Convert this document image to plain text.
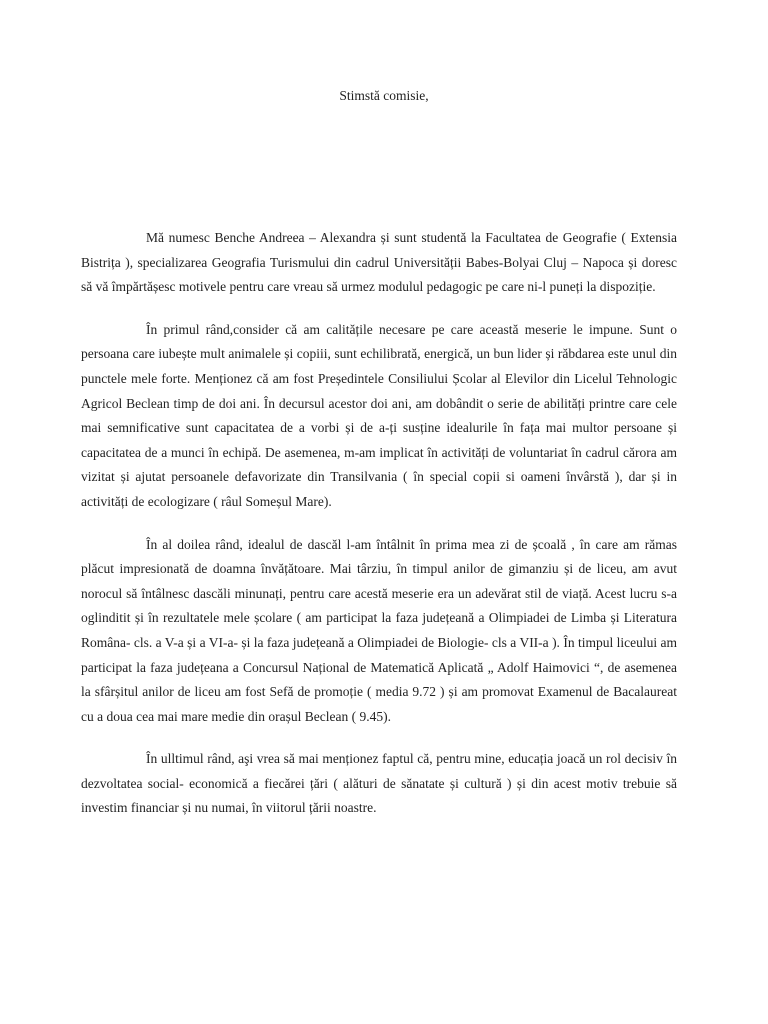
Stimstă comisie,

Mă numesc Benche Andreea – Alexandra și sunt studentă la Facultatea de Geografie ( Extensia Bistrița ), specializarea Geografia Turismului din cadrul Universității Babes-Bolyai Cluj – Napoca și doresc să vă împărtășesc motivele pentru care vreau să urmez modulul pedagogic pe care ni-l puneți la dispoziție.

În primul rând,consider că am calitățile necesare pe care această meserie le impune. Sunt o persoana care iubește mult animalele și copiii, sunt echilibrată, energică, un bun lider și răbdarea este unul din punctele mele forte. Menționez că am fost Președintele Consiliului Școlar al Elevilor din Licelul Tehnologic Agricol Beclean timp de doi ani. În decursul acestor doi ani, am dobândit o serie de abilități printre care cele mai semnificative sunt capacitatea de a vorbi și de a-ți susține idealurile în fața mai multor persoane și capacitatea de a munci în echipă. De asemenea, m-am implicat în activități de voluntariat în cadrul cărora am vizitat și ajutat persoanele defavorizate din Transilvania ( în special copii si oameni învârstă ), dar și in activități de ecologizare ( râul Someșul Mare).

În al doilea rând, idealul de dascăl l-am întâlnit în prima mea zi de școală , în care am rămas plăcut impresionată de doamna învățătoare. Mai târziu, în timpul anilor de gimanziu și de liceu, am avut norocul să întâlnesc dascăli minunați, pentru care acestă meserie era un adevărat stil de viață. Acest lucru s-a oglinditit și în rezultatele mele școlare ( am participat la faza județeană a Olimpiadei de Limba și Literatura Româna- cls. a V-a și a VI-a- și la faza județeană a Olimpiadei de Biologie- cls a VII-a ). În timpul liceului am participat la faza județeana a Concursul Național de Matematică Aplicată „ Adolf Haimovici “, de asemenea la sfârșitul anilor de liceu am fost Sefă de promoție ( media 9.72 ) și am promovat Examenul de Bacalaureat cu a doua cea mai mare medie din orașul Beclean ( 9.45).

În ulltimul rând, aşi vrea să mai menționez faptul că, pentru mine, educația joacă un rol decisiv în dezvoltatea social- economică a fiecărei țări ( alături de sănatate și cultură ) și din acest motiv trebuie să investim financiar și nu numai, în viitorul țării noastre.
